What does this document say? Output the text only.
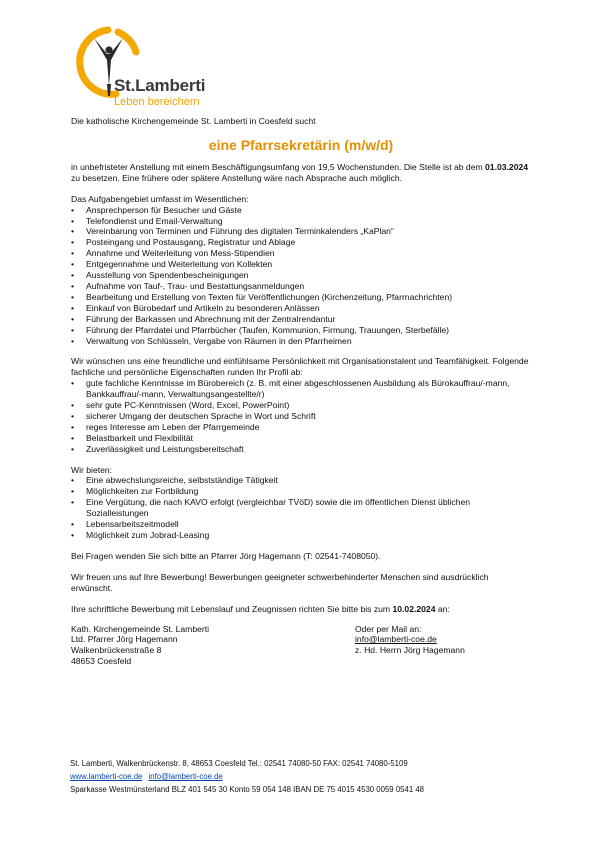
St.Lamberti
Leben bereichern

Die katholische Kirchengemeinde St. Lamberti in Coesfeld sucht

eine Pfarrsekretärin (m/w/d)

in unbefristeter Anstellung mit einem Beschäftigungsumfang von 19,5 Wochenstunden. Die Stelle ist ab dem 01.03.2024 zu besetzen. Eine frühere oder spätere Anstellung wäre nach Absprache auch möglich.

Das Aufgabengebiet umfasst im Wesentlichen:

• Ansprechperson für Besucher und Gäste
• Telefondienst und Email-Verwaltung
• Vereinbarung von Terminen und Führung des digitalen Terminkalenders „KaPlan“
• Posteingang und Postausgang, Registratur und Ablage
• Annahme und Weiterleitung von Mess-Stipendien
• Entgegennahme und Weiterleitung von Kollekten
• Ausstellung von Spendenbescheinigungen
• Aufnahme von Tauf-, Trau- und Bestattungsanmeldungen
• Bearbeitung und Erstellung von Texten für Veröffentlichungen (Kirchenzeitung, Pfarrnachrichten)
• Einkauf von Bürobedarf und Artikeln zu besonderen Anlässen
• Führung der Barkassen und Abrechnung mit der Zentralrendantur
• Führung der Pfarrdatei und Pfarrbücher (Taufen, Kommunion, Firmung, Trauungen, Sterbefälle)
• Verwaltung von Schlüsseln, Vergabe von Räumen in den Pfarrheimen

Wir wünschen uns eine freundliche und einfühlsame Persönlichkeit mit Organisationstalent und Teamfähigkeit. Folgende fachliche und persönliche Eigenschaften runden Ihr Profil ab:

• gute fachliche Kenntnisse im Bürobereich (z. B. mit einer abgeschlossenen Ausbildung als Bürokauffrau/-mann, Bankkauffrau/-mann, Verwaltungsangestellte/r)
• sehr gute PC-Kenntnissen (Word, Excel, PowerPoint)
• sicherer Umgang der deutschen Sprache in Wort und Schrift
• reges Interesse am Leben der Pfarrgemeinde
• Belastbarkeit und Flexibilität
• Zuverlässigkeit und Leistungsbereitschaft

Wir bieten:

• Eine abwechslungsreiche, selbstständige Tätigkeit
• Möglichkeiten zur Fortbildung
• Eine Vergütung, die nach KAVO erfolgt (vergleichbar TVöD) sowie die im öffentlichen Dienst üblichen Sozialleistungen
• Lebensarbeitszeitmodell
• Möglichkeit zum Jobrad-Leasing

Bei Fragen wenden Sie sich bitte an Pfarrer Jörg Hagemann (T: 02541-7408050).

Wir freuen uns auf Ihre Bewerbung! Bewerbungen geeigneter schwerbehinderter Menschen sind ausdrücklich erwünscht.

Ihre schriftliche Bewerbung mit Lebenslauf und Zeugnissen richten Sie bitte bis zum 10.02.2024 an:

Kath. Kirchengemeinde St. Lamberti
Ltd. Pfarrer Jörg Hagemann
Walkenbrückenstraße 8
48653 Coesfeld
Oder per Mail an:
info@lamberti-coe.de
z. Hd. Herrn Jörg Hagemann
St. Lamberti, Walkenbrückenstr. 8, 48653 Coesfeld Tel.: 02541 74080-50 FAX: 02541 74080-5109
www.lamberti-coe.de info@lamberti-coe.de
Sparkasse Westmünsterland BLZ 401 545 30 Konto 59 054 148 IBAN DE 75 4015 4530 0059 0541 48
